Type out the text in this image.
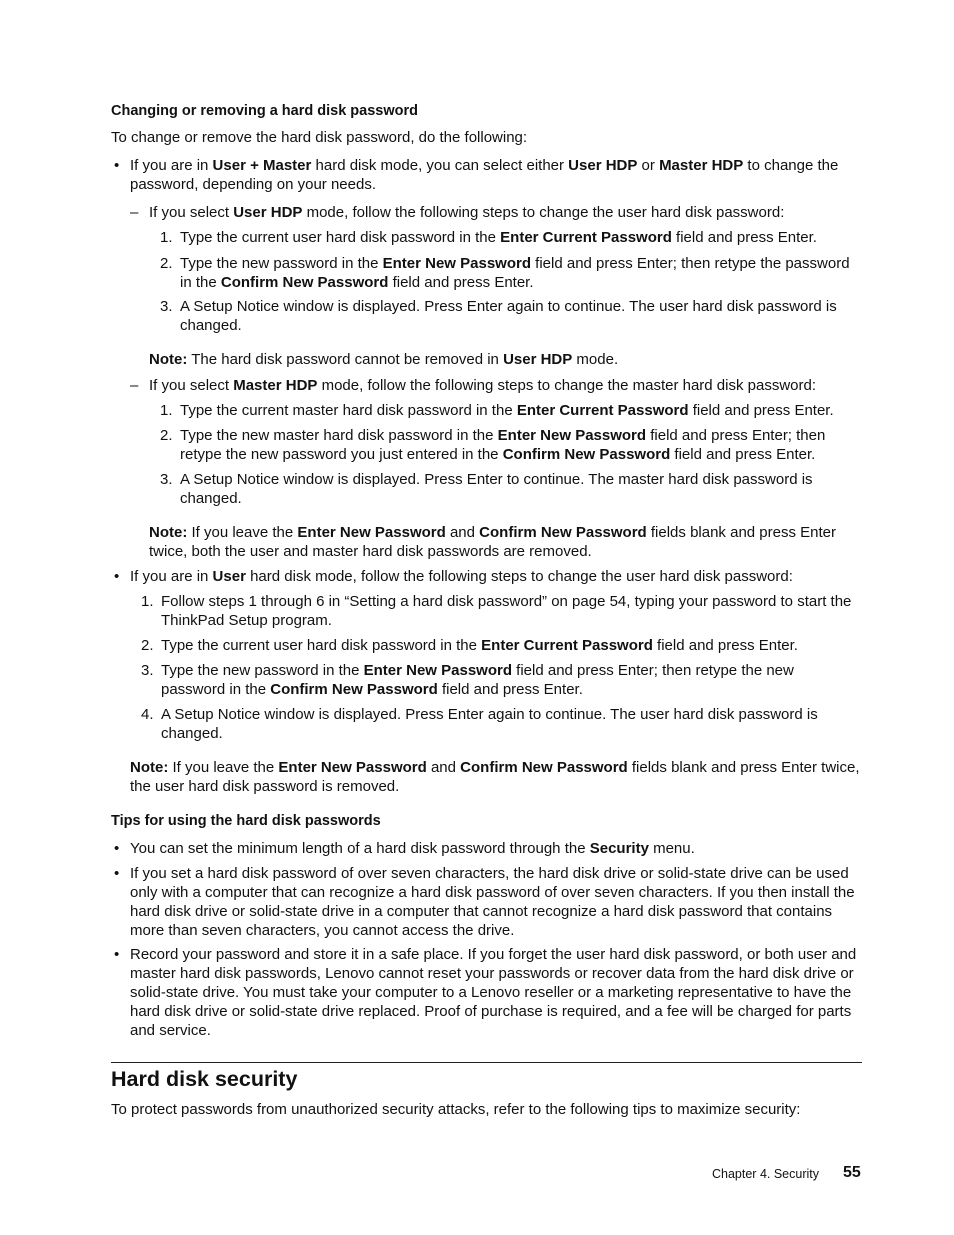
Changing or removing a hard disk password
To change or remove the hard disk password, do the following:
• If you are in User + Master hard disk mode, you can select either User HDP or Master HDP to change the password, depending on your needs.
– If you select User HDP mode, follow the following steps to change the user hard disk password:
1. Type the current user hard disk password in the Enter Current Password field and press Enter.
2. Type the new password in the Enter New Password field and press Enter; then retype the password in the Confirm New Password field and press Enter.
3. A Setup Notice window is displayed. Press Enter again to continue. The user hard disk password is changed.
Note: The hard disk password cannot be removed in User HDP mode.
– If you select Master HDP mode, follow the following steps to change the master hard disk password:
1. Type the current master hard disk password in the Enter Current Password field and press Enter.
2. Type the new master hard disk password in the Enter New Password field and press Enter; then retype the new password you just entered in the Confirm New Password field and press Enter.
3. A Setup Notice window is displayed. Press Enter to continue. The master hard disk password is changed.
Note: If you leave the Enter New Password and Confirm New Password fields blank and press Enter twice, both the user and master hard disk passwords are removed.
• If you are in User hard disk mode, follow the following steps to change the user hard disk password:
1. Follow steps 1 through 6 in “Setting a hard disk password” on page 54, typing your password to start the ThinkPad Setup program.
2. Type the current user hard disk password in the Enter Current Password field and press Enter.
3. Type the new password in the Enter New Password field and press Enter; then retype the new password in the Confirm New Password field and press Enter.
4. A Setup Notice window is displayed. Press Enter again to continue. The user hard disk password is changed.
Note: If you leave the Enter New Password and Confirm New Password fields blank and press Enter twice, the user hard disk password is removed.
Tips for using the hard disk passwords
• You can set the minimum length of a hard disk password through the Security menu.
• If you set a hard disk password of over seven characters, the hard disk drive or solid-state drive can be used only with a computer that can recognize a hard disk password of over seven characters. If you then install the hard disk drive or solid-state drive in a computer that cannot recognize a hard disk password that contains more than seven characters, you cannot access the drive.
• Record your password and store it in a safe place. If you forget the user hard disk password, or both user and master hard disk passwords, Lenovo cannot reset your passwords or recover data from the hard disk drive or solid-state drive. You must take your computer to a Lenovo reseller or a marketing representative to have the hard disk drive or solid-state drive replaced. Proof of purchase is required, and a fee will be charged for parts and service.
Hard disk security
To protect passwords from unauthorized security attacks, refer to the following tips to maximize security:
Chapter 4. Security 55
